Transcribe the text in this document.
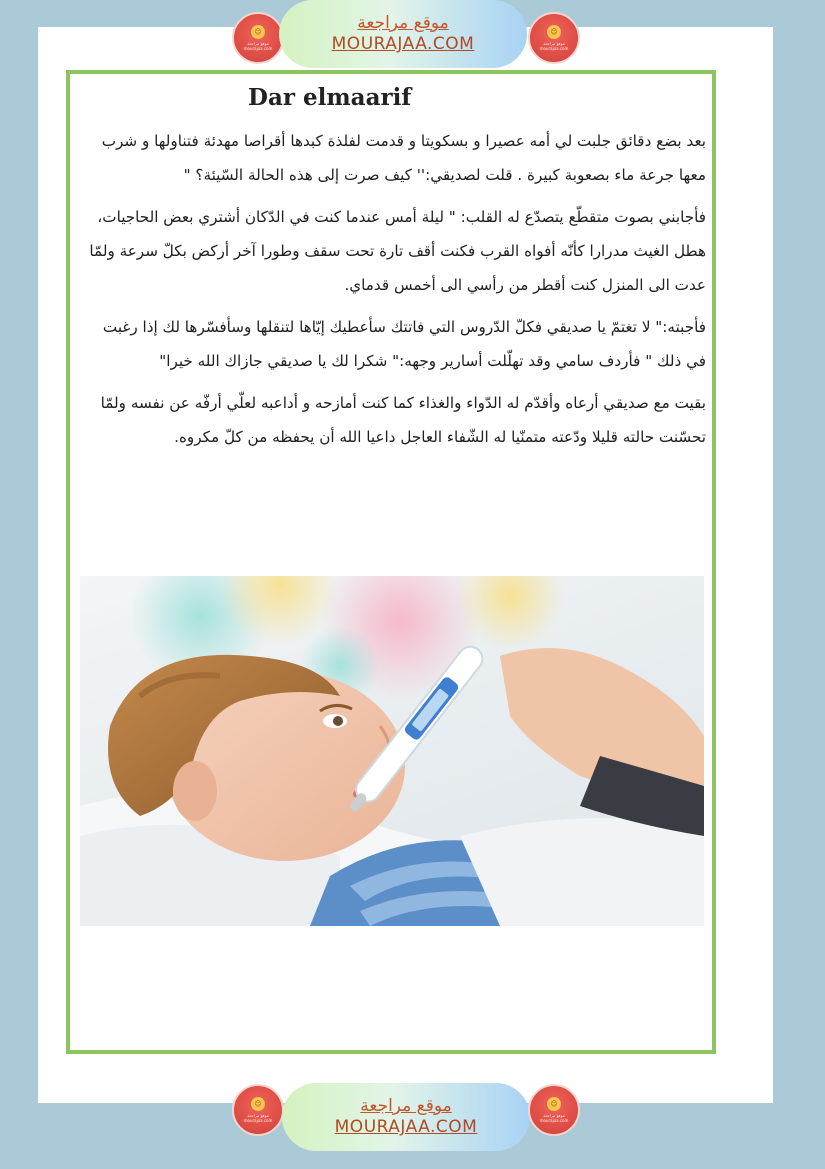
☺
موقع مراجعة mourajaa.com
موقع مراجعة
MOURAJAA.COM
☺
موقع مراجعة mourajaa.com
Dar elmaarif

بعد بضع دقائق جلبت لي أمه عصيرا و بسكويتا و قدمت لفلذة كبدها أقراصا مهدئة فتناولها و شرب معها جرعة ماء بصعوبة كبيرة . قلت لصديقي:'' كيف صرت إلى هذه الحالة السّيئة؟ "

فأجابني بصوت متقطّع يتصدّع له القلب: " ليلة أمس عندما كنت في الدّكان أشتري بعض الحاجيات، هطل الغيث مدرارا كأنّه أفواه القرب فكنت أقف تارة تحت سقف وطورا آخر أركض بكلّ سرعة ولمّا عدت الى المنزل كنت أقطر من رأسي الى أخمس قدماي.

فأجبته:" لا تغتمّ يا صديقي فكلّ الدّروس التي فاتتك سأعطيك إيّاها لتنقلها وسأفسّرها لك إذا رغبت في ذلك " فأردف سامي وقد تهلّلت أسارير وجهه:" شكرا لك يا صديقي جازاك الله خيرا"

بقيت مع صديقي أرعاه وأقدّم له الدّواء والغذاء كما كنت أمازحه و أداعبه لعلّي أرفّه عن نفسه ولمّا تحسّنت حالته قليلا ودّعته متمنّيا له الشّفاء العاجل داعيا الله أن يحفظه من كلّ مكروه.

☺
موقع مراجعة mourajaa.com
موقع مراجعة
MOURAJAA.COM
☺
موقع مراجعة mourajaa.com
